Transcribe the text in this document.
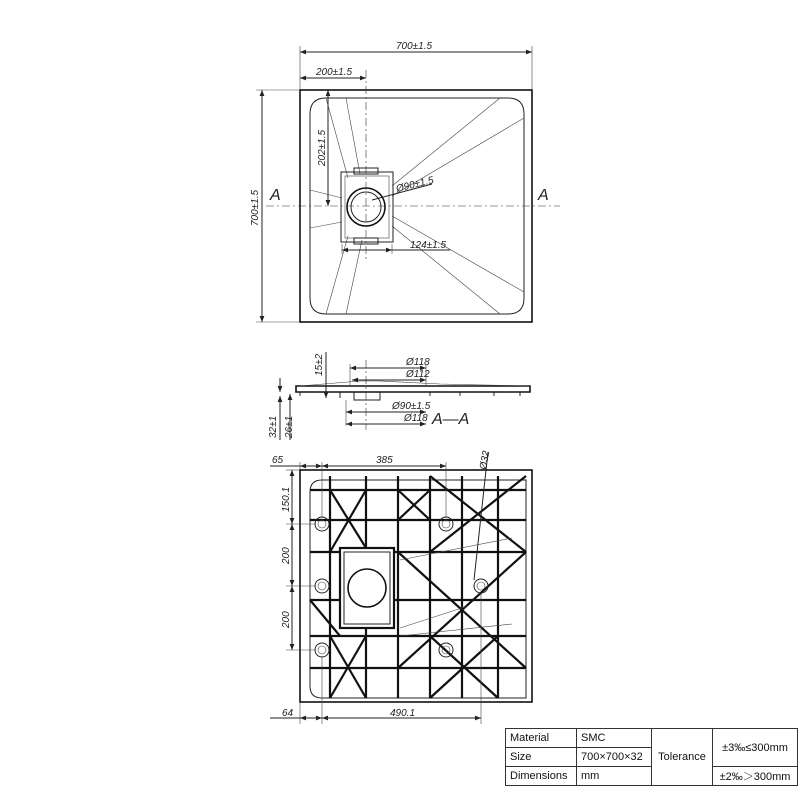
700±1.5
200±1.5
700±1.5
202±1.5
Ø90±1.5
124±1.5
A	A
Ø118
Ø112
Ø90±1.5
Ø118 A—A
15±2
32±1 26±1
65	385	Ø32
150.1
200
200
64	490.1
Material	SMC	Tolerance	±3‰≤300mm
Size	700×700×32		
Dimensions	mm		±2‰＞300mm
